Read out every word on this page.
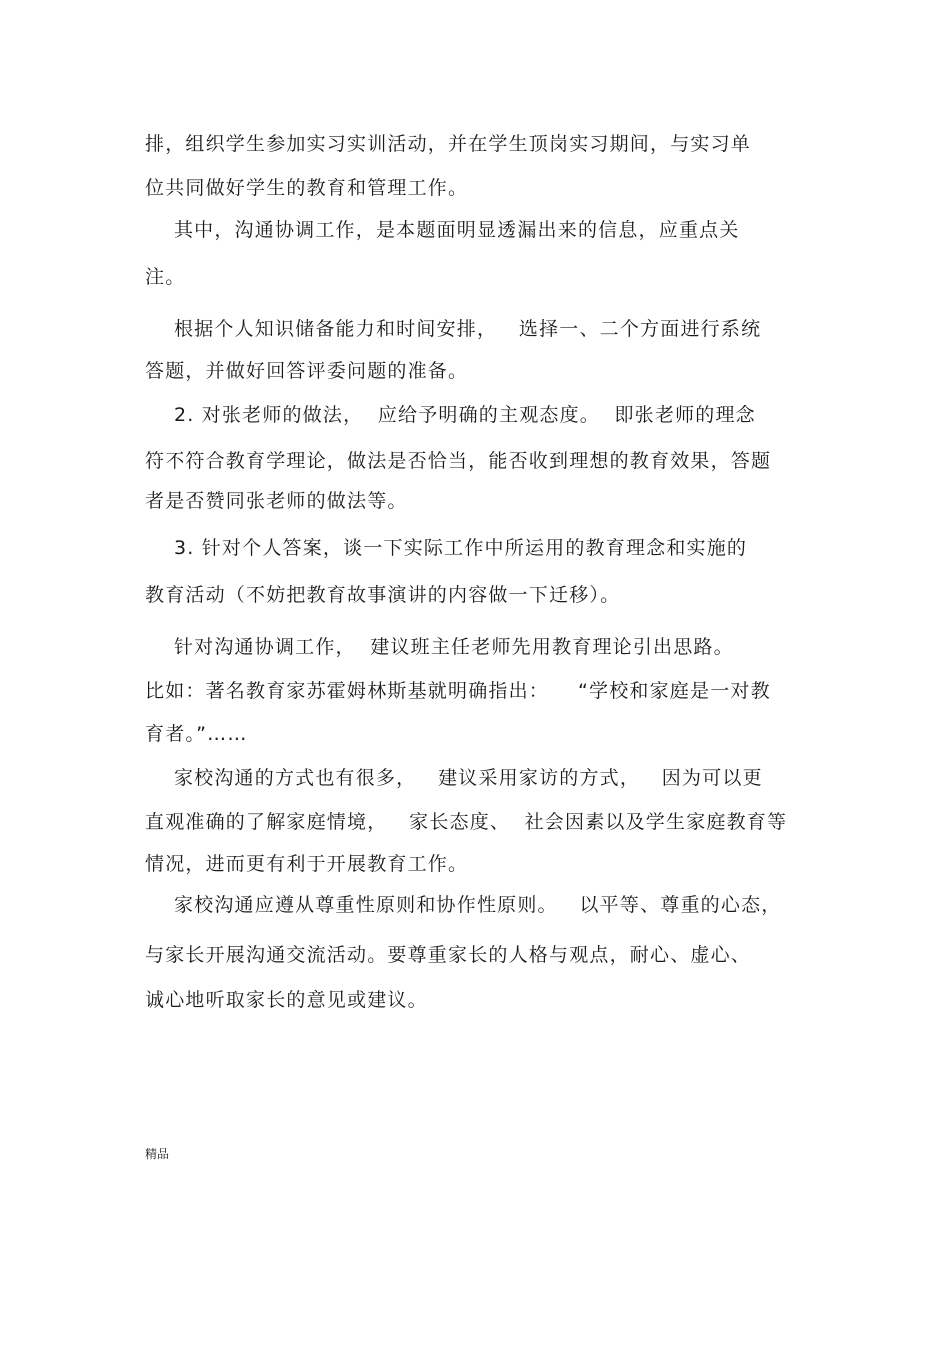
排，组织学生参加实习实训活动，并在学生顶岗实习期间，与实习单
位共同做好学生的教育和管理工作。
其中，沟通协调工作，是本题面明显透漏出来的信息，应重点关
注。
根据个人知识储备能力和时间安排，   选择一、二个方面进行系统
答题，并做好回答评委问题的准备。
2. 对张老师的做法，  应给予明确的主观态度。  即张老师的理念
符不符合教育学理论，做法是否恰当，能否收到理想的教育效果，答题
者是否赞同张老师的做法等。
3. 针对个人答案，谈一下实际工作中所运用的教育理念和实施的
教育活动（不妨把教育故事演讲的内容做一下迁移）。
针对沟通协调工作，  建议班主任老师先用教育理论引出思路。
比如：著名教育家苏霍姆林斯基就明确指出：    “学校和家庭是一对教
育者。”……
家校沟通的方式也有很多，   建议采用家访的方式，   因为可以更
直观准确的了解家庭情境，   家长态度、  社会因素以及学生家庭教育等
情况，进而更有利于开展教育工作。
家校沟通应遵从尊重性原则和协作性原则。   以平等、尊重的心态，
与家长开展沟通交流活动。要尊重家长的人格与观点，耐心、虚心、
诚心地听取家长的意见或建议。
精品
